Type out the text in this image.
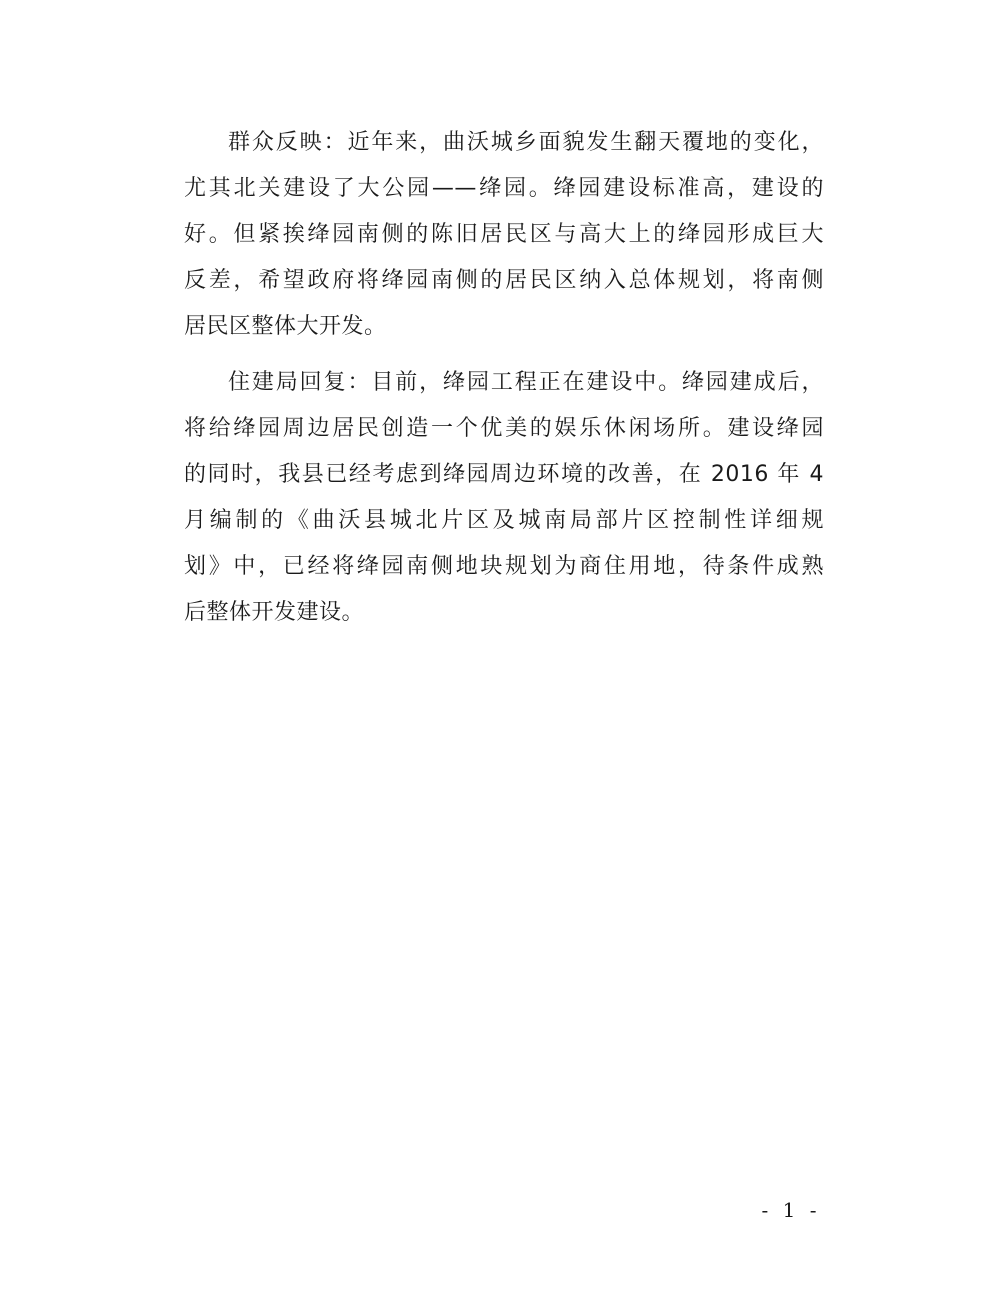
群众反映：近年来，曲沃城乡面貌发生翻天覆地的变化，
尤其北关建设了大公园——绛园。绛园建设标准高，建设的
好。但紧挨绛园南侧的陈旧居民区与高大上的绛园形成巨大
反差，希望政府将绛园南侧的居民区纳入总体规划，将南侧
居民区整体大开发。
住建局回复：目前，绛园工程正在建设中。绛园建成后，
将给绛园周边居民创造一个优美的娱乐休闲场所。建设绛园
的同时，我县已经考虑到绛园周边环境的改善，在 2016 年 4
月编制的《曲沃县城北片区及城南局部片区控制性详细规
划》中，已经将绛园南侧地块规划为商住用地，待条件成熟
后整体开发建设。
- 1 -
